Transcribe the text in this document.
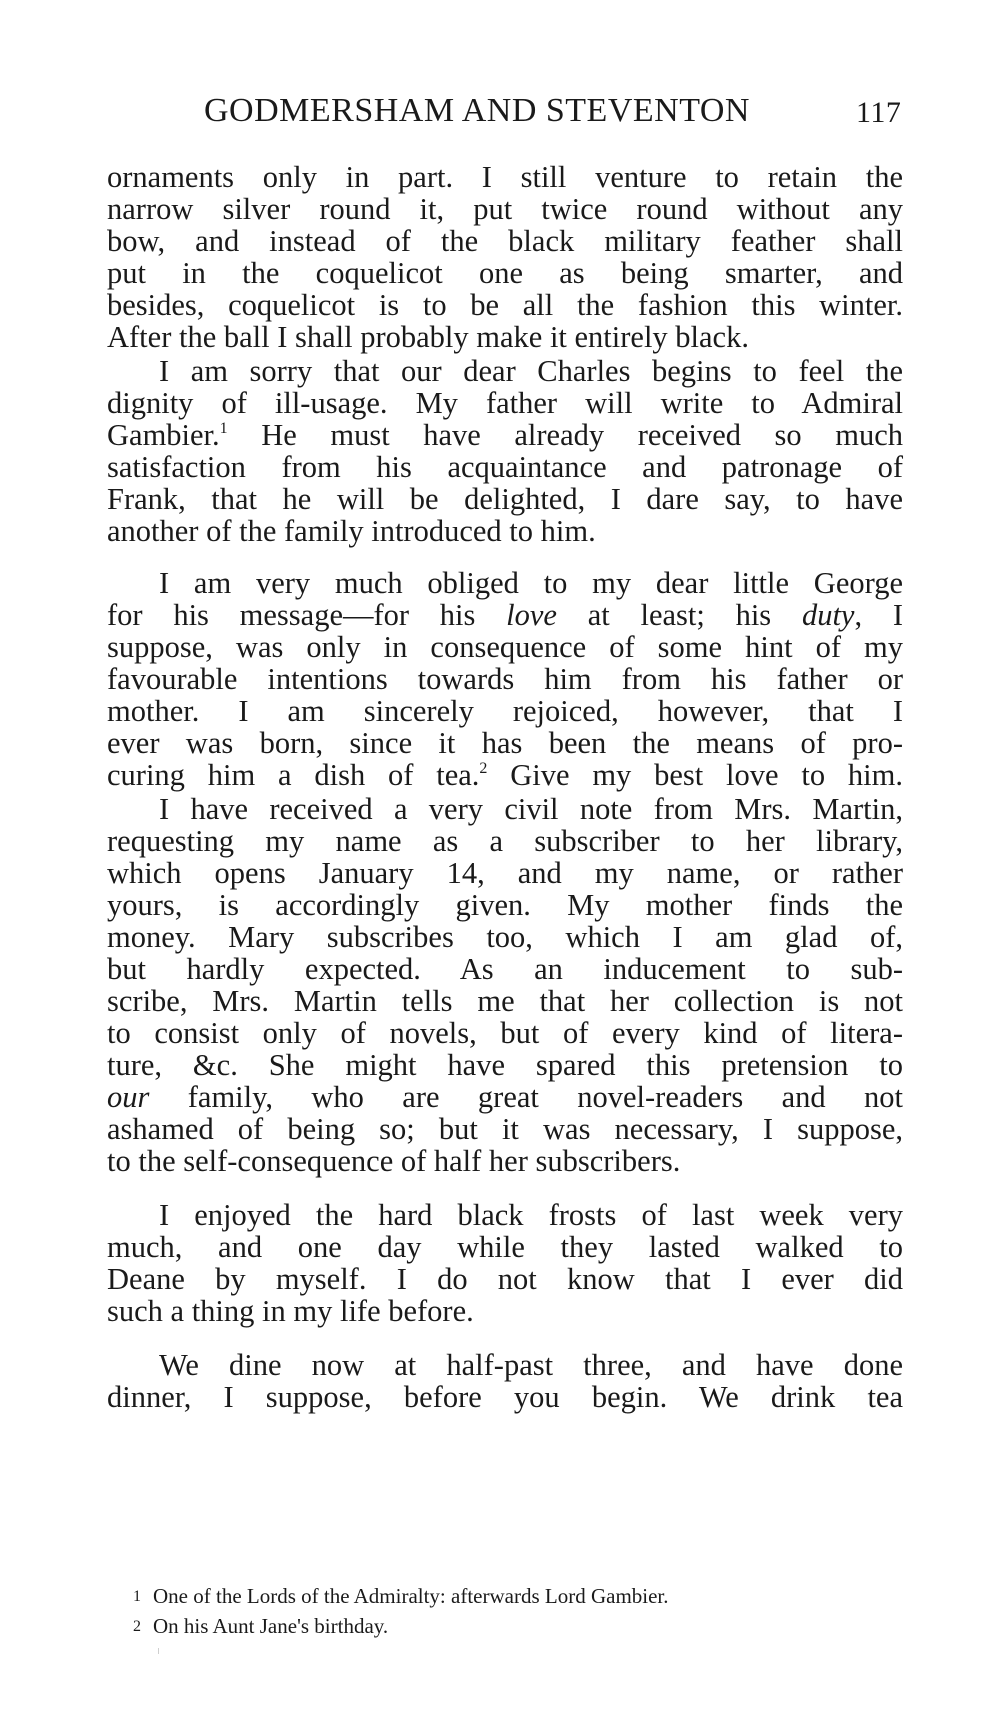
GODMERSHAM AND STEVENTON	117
ornaments only in part. I still venture to retain the
narrow silver round it, put twice round without any
bow, and instead of the black military feather shall
put in the coquelicot one as being smarter, and
besides, coquelicot is to be all the fashion this winter.
After the ball I shall probably make it entirely black.
I am sorry that our dear Charles begins to feel the
dignity of ill-usage. My father will write to Admiral
Gambier.$^1$ He must have already received so much
satisfaction from his acquaintance and patronage of
Frank, that he will be delighted, I dare say, to have
another of the family introduced to him.
I am very much obliged to my dear little George
for his message—for his love at least; his duty, I
suppose, was only in consequence of some hint of my
favourable intentions towards him from his father or
mother. I am sincerely rejoiced, however, that I
ever was born, since it has been the means of pro-
curing him a dish of tea.$^2$ Give my best love to him.
I have received a very civil note from Mrs. Martin,
requesting my name as a subscriber to her library,
which opens January 14, and my name, or rather
yours, is accordingly given. My mother finds the
money. Mary subscribes too, which I am glad of,
but hardly expected. As an inducement to sub-
scribe, Mrs. Martin tells me that her collection is not
to consist only of novels, but of every kind of litera-
ture, &c. She might have spared this pretension to
our family, who are great novel-readers and not
ashamed of being so; but it was necessary, I suppose,
to the self-consequence of half her subscribers.
I enjoyed the hard black frosts of last week very
much, and one day while they lasted walked to
Deane by myself. I do not know that I ever did
such a thing in my life before.
We dine now at half-past three, and have done
dinner, I suppose, before you begin. We drink tea
1 One of the Lords of the Admiralty: afterwards Lord Gambier.
2 On his Aunt Jane's birthday.
